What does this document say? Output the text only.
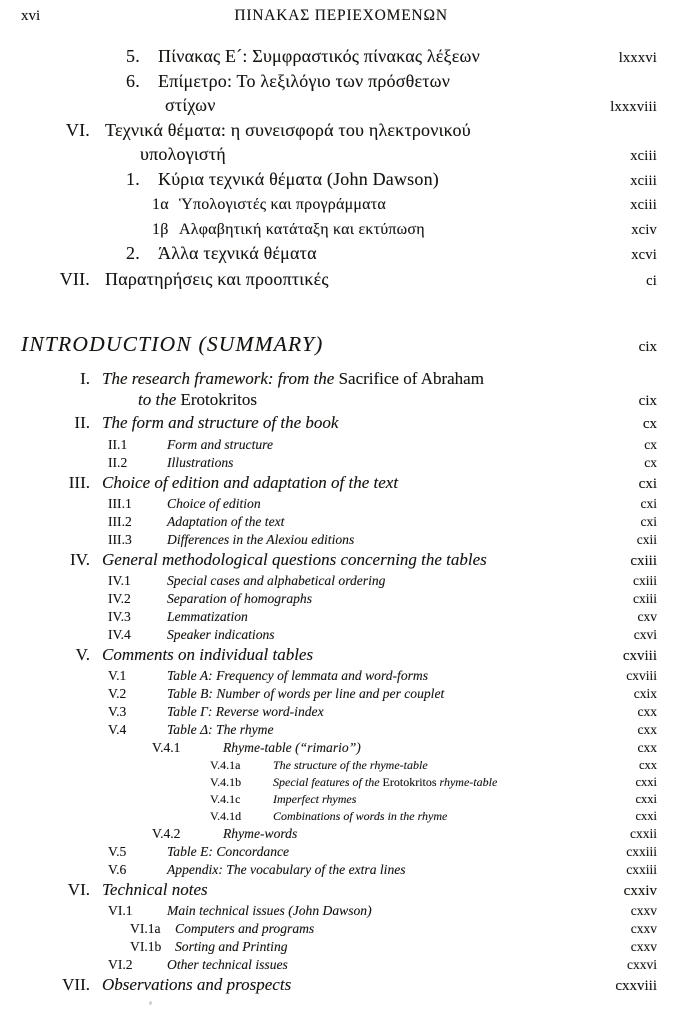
xvi	ΠΙΝΑΚΑΣ ΠΕΡΙΕΧΟΜΕΝΩΝ
5.	Πίνακας Ε´: Συμφραστικός πίνακας λέξεων	lxxxvi
6.	Επίμετρο: Το λεξιλόγιο των πρόσθετων
στίχων	lxxxviii
VI. Τεχνικά θέματα: η συνεισφορά του ηλεκτρονικού
υπολογιστή	xciii
1.	Κύρια τεχνικά θέματα (John Dawson)	xciii
1α Ὑπολογιστές και προγράμματα	xciii
1β Αλφαβητική κατάταξη και εκτύπωση	xciv
2.	Άλλα τεχνικά θέματα	xcvi
VII. Παρατηρήσεις και προοπτικές	ci
INTRODUCTION (SUMMARY)	cix
I. The research framework: from the Sacrifice of Abraham
to the Erotokritos	cix
II. The form and structure of the book	cx
II.1	Form and structure	cx
II.2	Illustrations	cx
III. Choice of edition and adaptation of the text	cxi
III.1	Choice of edition	cxi
III.2	Adaptation of the text	cxi
III.3	Differences in the Alexiou editions	cxii
IV. General methodological questions concerning the tables	cxiii
IV.1	Special cases and alphabetical ordering	cxiii
IV.2	Separation of homographs	cxiii
IV.3	Lemmatization	cxv
IV.4	Speaker indications	cxvi
V. Comments on individual tables	cxviii
V.1	Table A: Frequency of lemmata and word-forms	cxviii
V.2	Table B: Number of words per line and per couplet	cxix
V.3	Table Γ: Reverse word-index	cxx
V.4	Table Δ: The rhyme	cxx
V.4.1	Rhyme-table (“rimario”)	cxx
V.4.1a	The structure of the rhyme-table	cxx
V.4.1b	Special features of the Erotokritos rhyme-table	cxxi
V.4.1c	Imperfect rhymes	cxxi
V.4.1d	Combinations of words in the rhyme	cxxi
V.4.2	Rhyme-words	cxxii
V.5	Table E: Concordance	cxxiii
V.6	Appendix: The vocabulary of the extra lines	cxxiii
VI. Technical notes	cxxiv
VI.1	Main technical issues (John Dawson)	cxxv
VI.1a Computers and programs	cxxv
VI.1b Sorting and Printing	cxxv
VI.2	Other technical issues	cxxvi
VII. Observations and prospects	cxxviii
